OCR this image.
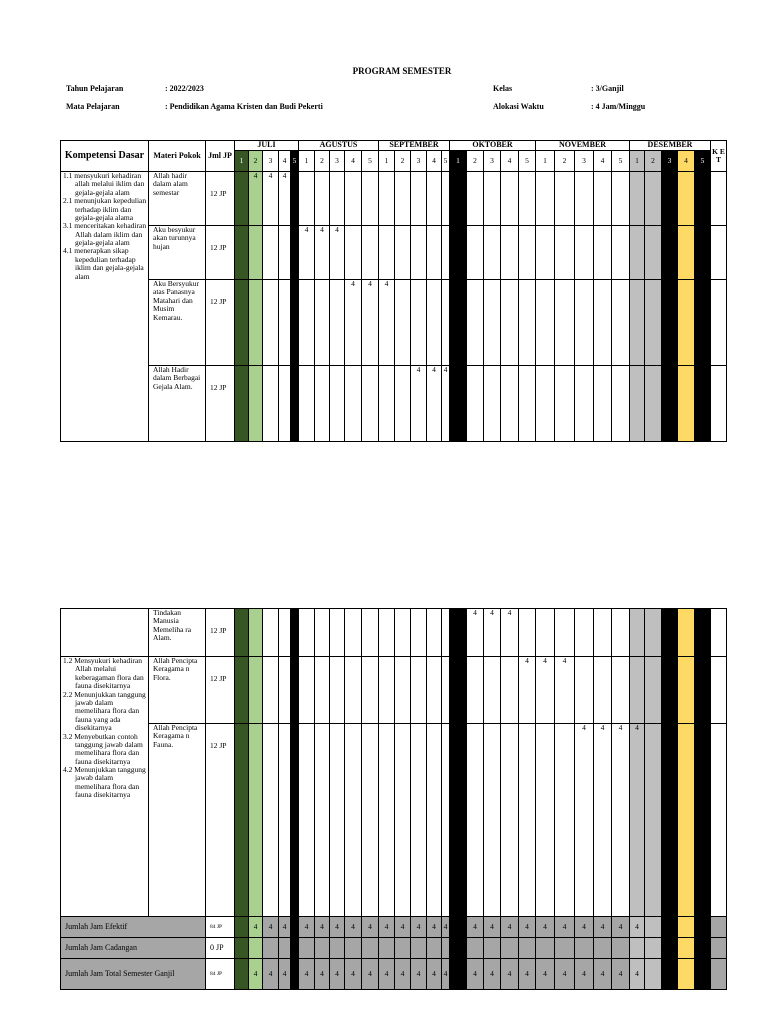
PROGRAM SEMESTER
Tahun Pelajaran	: 2022/2023	Kelas	: 3/Ganjil
Mata Pelajaran	: Pendidikan Agama Kristen dan Budi Pekerti	Alokasi Waktu	: 4 Jam/Minggu
Kompetensi Dasar	Materi Pokok	Jml JP	JULI					AGUSTUS					SEPTEMBER					OKTOBER					NOVEMBER					DESEMBER					K E T
			1	2	3	4	5	1	2	3	4	5	1	2	3	4	5	1	2	3	4	5	1	2	3	4	5	1	2	3	4	5	

1.1 mensyukuri kehadiran allah melalui iklim dan gejala-gejala alam
2.1 menunjukan kepedulian terhadap iklim dan gejala-gejala alama
3.1 menceritakan kehadiran Allah dalam iklim dan gejala-gejala alam
4.1 menerapkan sikap kepedulian terhadap iklim dan gejala-gejala alam	Allah hadir dalam alam semestar	12 JP		4	4	4																											
	Aku besyukur akan turunnya hujan	12 JP						4	4	4																							
	Aku Bersyukur atas Panasnya Matahari dan Musim Kemarau.	12 JP									4	4	4																				
	Allah Hadir dalam Berbagai Gejala Alam.	12 JP													4	4	4																
	Tindakan Manusia Memeliha ra Alam.	12 JP																	4	4	4												

1.2 Mensyukuri kehadiran Allah melalui keberagaman flora dan fauna disekitarnya
2.2 Menunjukkan tanggung jawab dalam memelihara flora dan fauna yang ada disekitarnya
3.2 Menyebutkan contoh tanggung jawab dalam memelihara flora dan fauna disekitarnya
4.2 Menunjukkan tanggung jawab dalam memelihara flora dan fauna disekitarnya	Allah Pencipta Keragama n Flora.	12 JP																				4	4	4									
	Allah Pencipta Keragama n Fauna.	12 JP																							4	4	4	4					
Jumlah Jam Efektif		84 JP		4	4	4		4	4	4	4	4	4	4	4	4	4		4	4	4	4	4	4	4	4	4	4					
Jumlah Jam Cadangan		0 JP																															
Jumlah Jam Total Semester Ganjil		84 JP		4	4	4		4	4	4	4	4	4	4	4	4	4		4	4	4	4	4	4	4	4	4	4					
